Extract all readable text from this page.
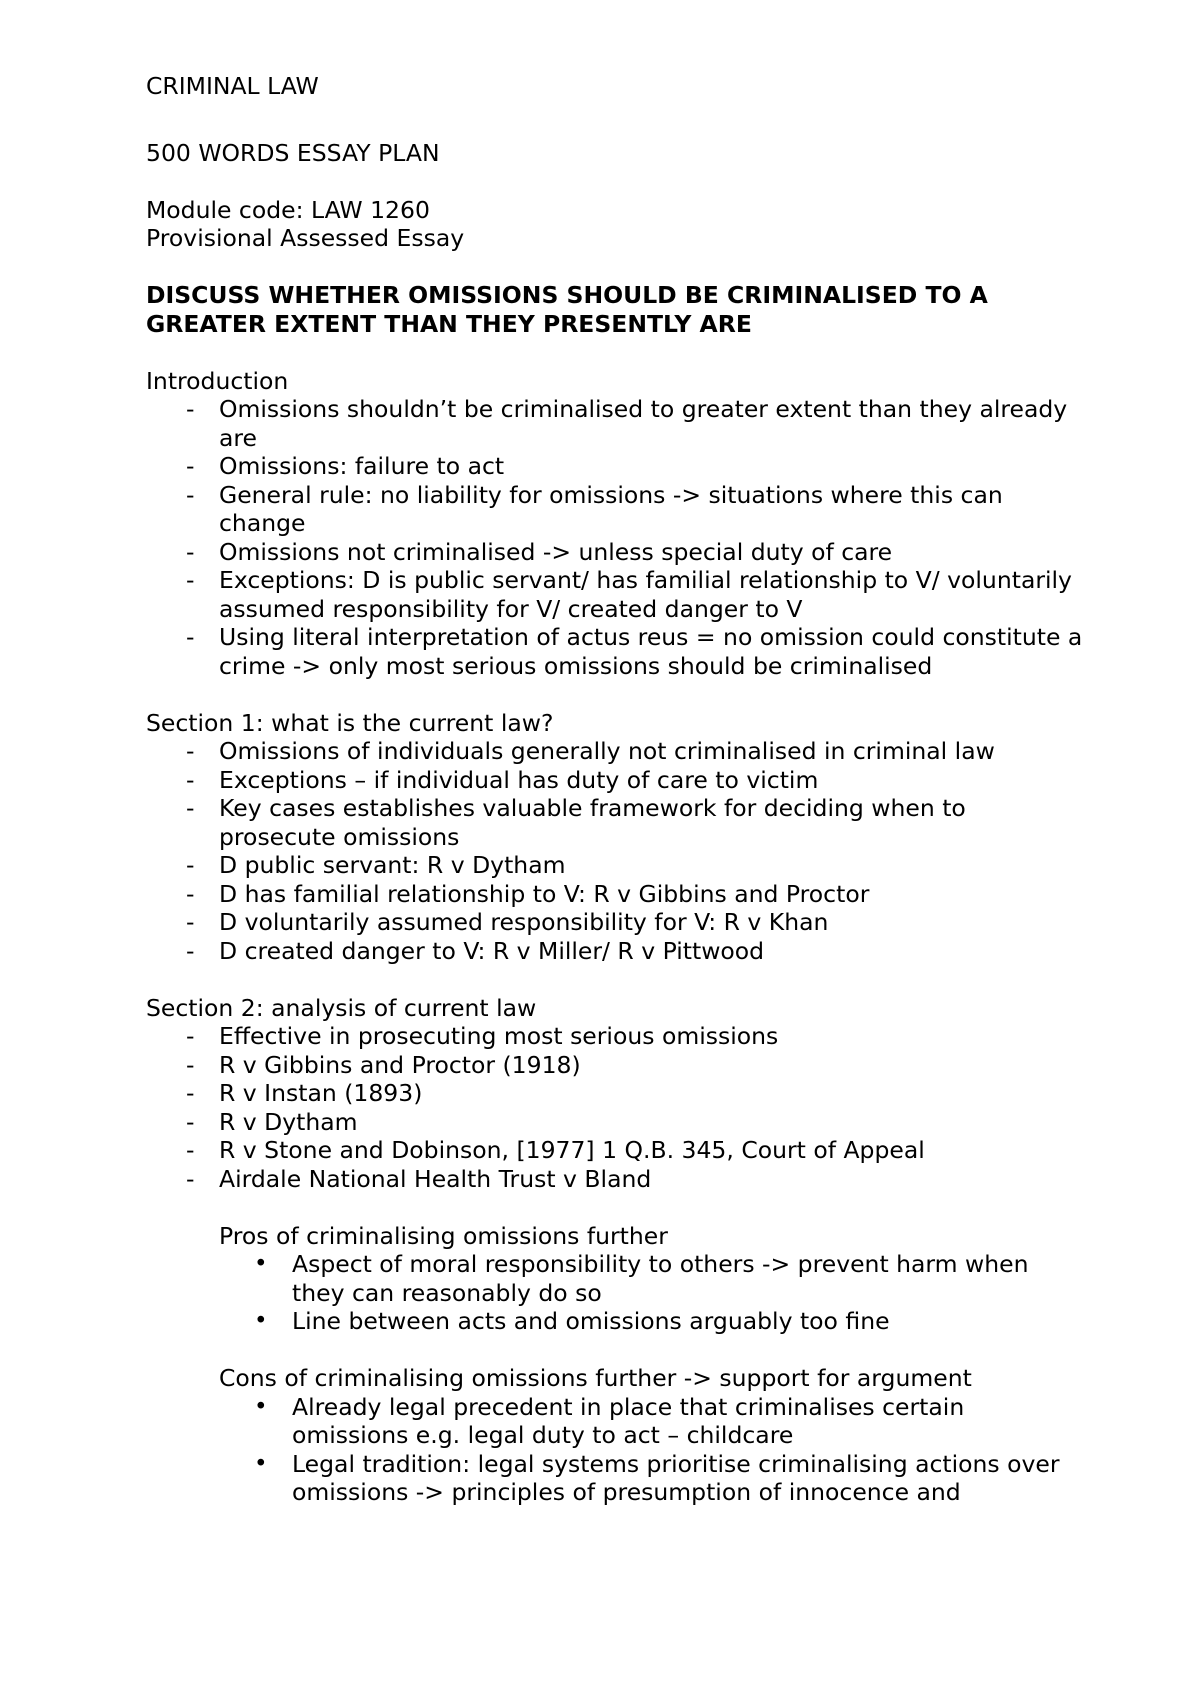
CRIMINAL LAW

500 WORDS ESSAY PLAN

Module code: LAW 1260

Provisional Assessed Essay

DISCUSS WHETHER OMISSIONS SHOULD BE CRIMINALISED TO A GREATER EXTENT THAN THEY PRESENTLY ARE

Introduction

- Omissions shouldn’t be criminalised to greater extent than they already are
- Omissions: failure to act
- General rule: no liability for omissions -> situations where this can change
- Omissions not criminalised -> unless special duty of care
- Exceptions: D is public servant/ has familial relationship to V/ voluntarily assumed responsibility for V/ created danger to V
- Using literal interpretation of actus reus = no omission could constitute a crime -> only most serious omissions should be criminalised

Section 1: what is the current law?

- Omissions of individuals generally not criminalised in criminal law
- Exceptions – if individual has duty of care to victim
- Key cases establishes valuable framework for deciding when to prosecute omissions
- D public servant: R v Dytham
- D has familial relationship to V: R v Gibbins and Proctor
- D voluntarily assumed responsibility for V: R v Khan
- D created danger to V: R v Miller/ R v Pittwood

Section 2: analysis of current law

- Effective in prosecuting most serious omissions
- R v Gibbins and Proctor (1918)
- R v Instan (1893)
- R v Dytham
- R v Stone and Dobinson, [1977] 1 Q.B. 345, Court of Appeal
- Airdale National Health Trust v Bland

Pros of criminalising omissions further

• Aspect of moral responsibility to others -> prevent harm when they can reasonably do so
• Line between acts and omissions arguably too fine

Cons of criminalising omissions further -> support for argument

• Already legal precedent in place that criminalises certain omissions e.g. legal duty to act – childcare
• Legal tradition: legal systems prioritise criminalising actions over omissions -> principles of presumption of innocence and
